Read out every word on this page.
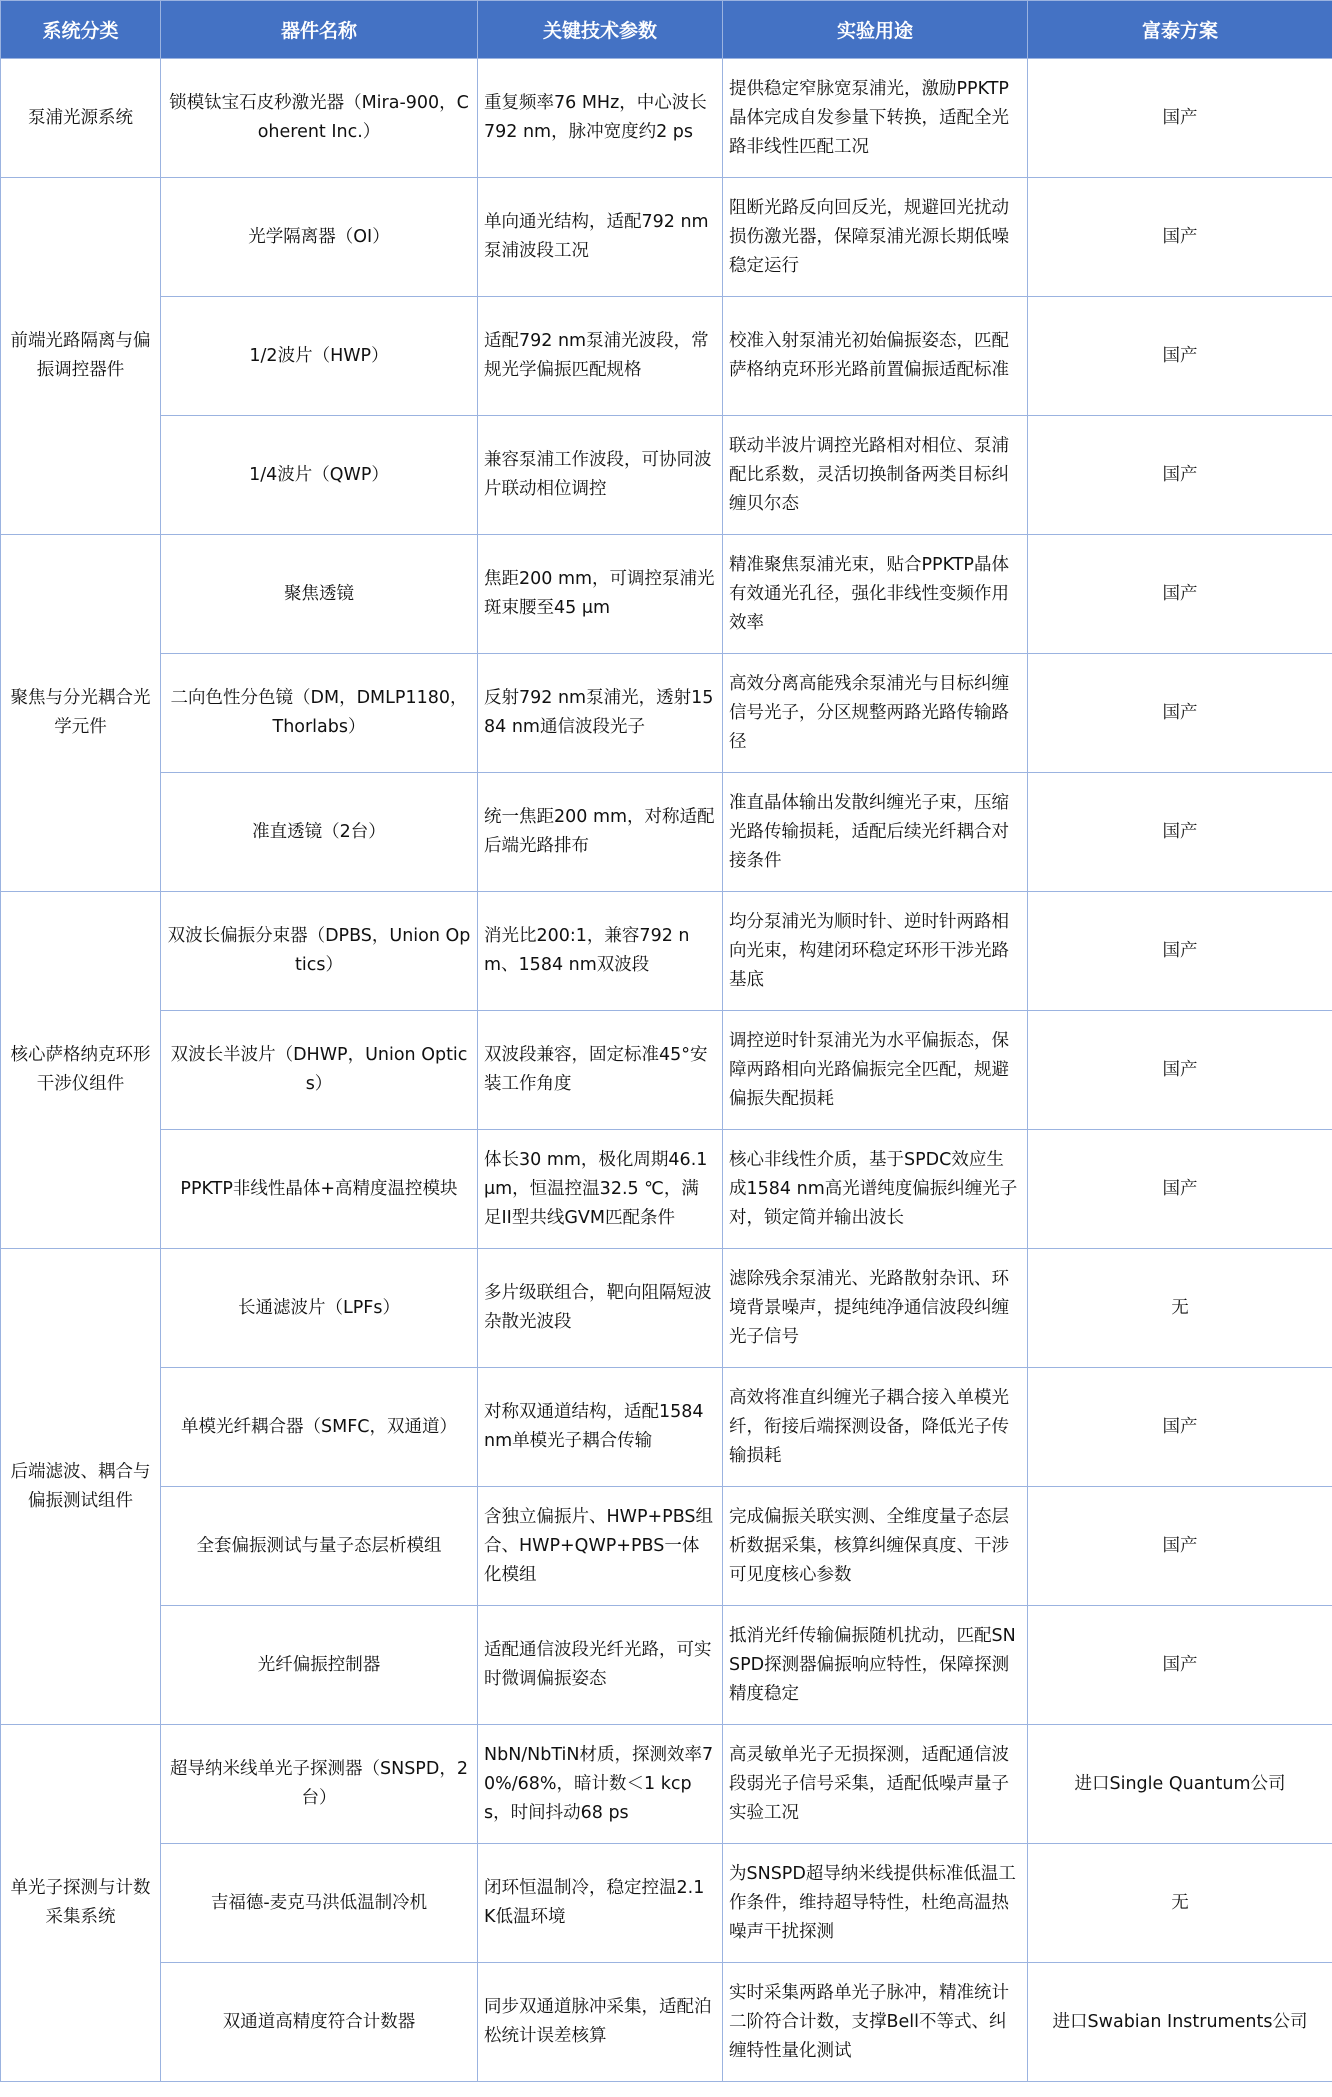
系统分类	器件名称	关键技术参数	实验用途	富泰方案
泵浦光源系统	锁模钛宝石皮秒激光器（Mira-900，Coherent Inc.）	重复频率76 MHz，中心波长792 nm，脉冲宽度约2 ps	提供稳定窄脉宽泵浦光，激励PPKTP晶体完成自发参量下转换，适配全光路非线性匹配工况	国产
前端光路隔离与偏振调控器件	光学隔离器（OI）	单向通光结构，适配792 nm泵浦波段工况	阻断光路反向回反光，规避回光扰动损伤激光器，保障泵浦光源长期低噪稳定运行	国产
	1/2波片（HWP）	适配792 nm泵浦光波段，常规光学偏振匹配规格	校准入射泵浦光初始偏振姿态，匹配萨格纳克环形光路前置偏振适配标准	国产
	1/4波片（QWP）	兼容泵浦工作波段，可协同波片联动相位调控	联动半波片调控光路相对相位、泵浦配比系数，灵活切换制备两类目标纠缠贝尔态	国产
聚焦与分光耦合光学元件	聚焦透镜	焦距200 mm，可调控泵浦光斑束腰至45 μm	精准聚焦泵浦光束，贴合PPKTP晶体有效通光孔径，强化非线性变频作用效率	国产
	二向色性分色镜（DM，DMLP1180，Thorlabs）	反射792 nm泵浦光，透射1584 nm通信波段光子	高效分离高能残余泵浦光与目标纠缠信号光子，分区规整两路光路传输路径	国产
	准直透镜（2台）	统一焦距200 mm，对称适配后端光路排布	准直晶体输出发散纠缠光子束，压缩光路传输损耗，适配后续光纤耦合对接条件	国产
核心萨格纳克环形干涉仪组件	双波长偏振分束器（DPBS，Union Optics）	消光比200:1，兼容792 nm、1584 nm双波段	均分泵浦光为顺时针、逆时针两路相向光束，构建闭环稳定环形干涉光路基底	国产
	双波长半波片（DHWP，Union Optics）	双波段兼容，固定标准45°安装工作角度	调控逆时针泵浦光为水平偏振态，保障两路相向光路偏振完全匹配，规避偏振失配损耗	国产
	PPKTP非线性晶体+高精度温控模块	体长30 mm，极化周期46.1 μm，恒温控温32.5 ℃，满足II型共线GVM匹配条件	核心非线性介质，基于SPDC效应生成1584 nm高光谱纯度偏振纠缠光子对，锁定简并输出波长	国产
后端滤波、耦合与偏振测试组件	长通滤波片（LPFs）	多片级联组合，靶向阻隔短波杂散光波段	滤除残余泵浦光、光路散射杂讯、环境背景噪声，提纯纯净通信波段纠缠光子信号	无
	单模光纤耦合器（SMFC，双通道）	对称双通道结构，适配1584 nm单模光子耦合传输	高效将准直纠缠光子耦合接入单模光纤，衔接后端探测设备，降低光子传输损耗	国产
	全套偏振测试与量子态层析模组	含独立偏振片、HWP+PBS组合、HWP+QWP+PBS一体化模组	完成偏振关联实测、全维度量子态层析数据采集，核算纠缠保真度、干涉可见度核心参数	国产
	光纤偏振控制器	适配通信波段光纤光路，可实时微调偏振姿态	抵消光纤传输偏振随机扰动，匹配SNSPD探测器偏振响应特性，保障探测精度稳定	国产
单光子探测与计数采集系统	超导纳米线单光子探测器（SNSPD，2台）	NbN/NbTiN材质，探测效率70%/68%，暗计数＜1 kcps，时间抖动68 ps	高灵敏单光子无损探测，适配通信波段弱光子信号采集，适配低噪声量子实验工况	进口Single Quantum公司
	吉福德-麦克马洪低温制冷机	闭环恒温制冷，稳定控温2.1 K低温环境	为SNSPD超导纳米线提供标准低温工作条件，维持超导特性，杜绝高温热噪声干扰探测	无
	双通道高精度符合计数器	同步双通道脉冲采集，适配泊松统计误差核算	实时采集两路单光子脉冲，精准统计二阶符合计数，支撑Bell不等式、纠缠特性量化测试	进口Swabian Instruments公司
